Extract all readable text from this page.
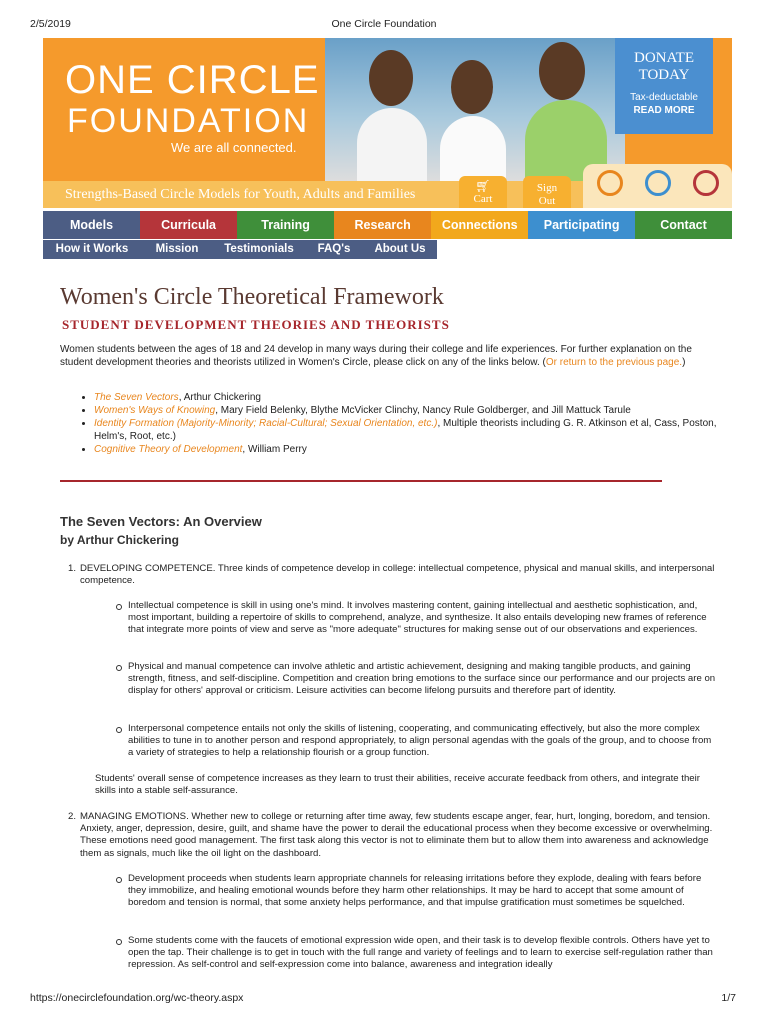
2/5/2019	One Circle Foundation
ONE CIRCLE
FOUNDATION
We are all connected.
Strengths-Based Circle Models for Youth, Adults and Families
🛒︎
Cart
Sign Out
DONATE
TODAY
Tax-deductable
READ MORE
Models	Curricula	Training	Research	Connections	Participating Orgs
Contact
How it Works	Mission	Testimonials	FAQ's	About Us
Women's Circle Theoretical Framework
STUDENT DEVELOPMENT THEORIES AND THEORISTS
Women students between the ages of 18 and 24 develop in many ways during their college and life experiences. For further explanation on the student development theories and theorists utilized in Women's Circle, please click on any of the links below. (Or return to the previous page.)
• The Seven Vectors, Arthur Chickering
• Women's Ways of Knowing, Mary Field Belenky, Blythe McVicker Clinchy, Nancy Rule Goldberger, and Jill Mattuck Tarule
• Identity Formation (Majority-Minority; Racial-Cultural; Sexual Orientation, etc.), Multiple theorists including G. R. Atkinson et al, Cass, Poston, Helm's, Root, etc.)
• Cognitive Theory of Development, William Perry
The Seven Vectors: An Overview
by Arthur Chickering
1. DEVELOPING COMPETENCE. Three kinds of competence develop in college: intellectual competence, physical and manual skills, and interpersonal competence.
Intellectual competence is skill in using one's mind. It involves mastering content, gaining intellectual and aesthetic sophistication, and, most important, building a repertoire of skills to comprehend, analyze, and synthesize. It also entails developing new frames of reference that integrate more points of view and serve as "more adequate" structures for making sense out of our observations and experiences.
Physical and manual competence can involve athletic and artistic achievement, designing and making tangible products, and gaining strength, fitness, and self-discipline. Competition and creation bring emotions to the surface since our performance and our projects are on display for others' approval or criticism. Leisure activities can become lifelong pursuits and therefore part of identity.
Interpersonal competence entails not only the skills of listening, cooperating, and communicating effectively, but also the more complex abilities to tune in to another person and respond appropriately, to align personal agendas with the goals of the group, and to choose from a variety of strategies to help a relationship flourish or a group function.
Students' overall sense of competence increases as they learn to trust their abilities, receive accurate feedback from others, and integrate their skills into a stable self-assurance.
2. MANAGING EMOTIONS. Whether new to college or returning after time away, few students escape anger, fear, hurt, longing, boredom, and tension. Anxiety, anger, depression, desire, guilt, and shame have the power to derail the educational process when they become excessive or overwhelming. These emotions need good management. The first task along this vector is not to eliminate them but to allow them into awareness and acknowledge them as signals, much like the oil light on the dashboard.
Development proceeds when students learn appropriate channels for releasing irritations before they explode, dealing with fears before they immobilize, and healing emotional wounds before they harm other relationships. It may be hard to accept that some amount of boredom and tension is normal, that some anxiety helps performance, and that impulse gratification must sometimes be squelched.
Some students come with the faucets of emotional expression wide open, and their task is to develop flexible controls. Others have yet to open the tap. Their challenge is to get in touch with the full range and variety of feelings and to learn to exercise self-regulation rather than repression. As self-control and self-expression come into balance, awareness and integration ideally
https://onecirclefoundation.org/wc-theory.aspx	1/7
